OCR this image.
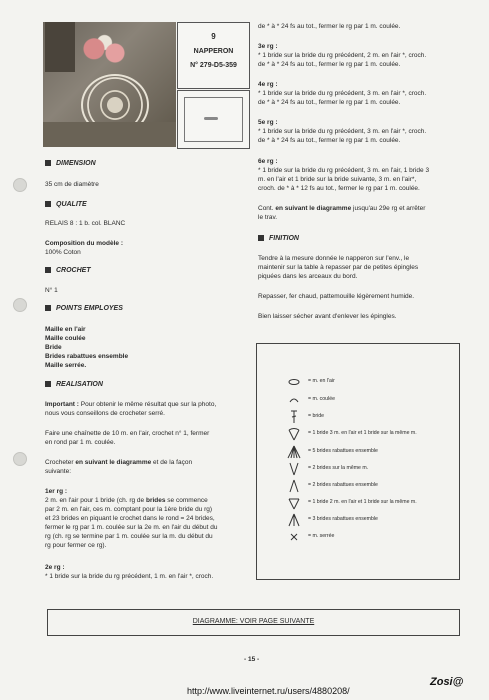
9
NAPPERON
N° 279-D5-359
DIMENSION
35 cm de diamètre
QUALITE
RELAIS 8 : 1 b. col. BLANC
Composition du modèle :
100% Coton
CROCHET
N° 1
POINTS EMPLOYES
Maille en l'air
Maille coulée
Bride
Brides rabattues ensemble
Maille serrée.
REALISATION
Important : Pour obtenir le même résultat que sur la photo,
nous vous conseillons de crocheter serré.
Faire une chaînette de 10 m. en l'air, crochet n° 1, fermer
en rond par 1 m. coulée.
Crocheter en suivant le diagramme et de la façon
suivante:
1er rg :
2 m. en l'air pour 1 bride (ch. rg de brides se commence
par 2 m. en l'air, ces m. comptant pour la 1ère bride du rg)
et 23 brides en piquant le crochet dans le rond = 24 brides,
fermer le rg par 1 m. coulée sur la 2e m. en l'air du début du
rg (ch. rg se termine par 1 m. coulée sur la m. du début du
rg pour fermer ce rg).
2e rg :
* 1 bride sur la bride du rg précédent, 1 m. en l'air *, croch.
de * à * 24 fs au tot., fermer le rg par 1 m. coulée.
3e rg :
* 1 bride sur la bride du rg précédent, 2 m. en l'air *, croch.
de * à * 24 fs au tot., fermer le rg par 1 m. coulée.
4e rg :
* 1 bride sur la bride du rg précédent, 3 m. en l'air *, croch.
de * à * 24 fs au tot., fermer le rg par 1 m. coulée.
5e rg :
* 1 bride sur la bride du rg précédent, 3 m. en l'air *, croch.
de * à * 24 fs au tot., fermer le rg par 1 m. coulée.
6e rg :
* 1 bride sur la bride du rg précédent, 3 m. en l'air, 1 bride 3
m. en l'air et 1 bride sur la bride suivante, 3 m. en l'air*,
croch. de * à * 12 fs au tot., fermer le rg par 1 m. coulée.
Cont. en suivant le diagramme jusqu'au 29e rg et arrêter
le trav.
FINITION
Tendre à la mesure donnée le napperon sur l'env., le
maintenir sur la table à repasser par de petites épingles
piquées dans les arceaux du bord.
Repasser, fer chaud, pattemouille légèrement humide.
Bien laisser sécher avant d'enlever les épingles.
= m. en l'air
= m. coulée
= bride
= 1 bride 3 m. en l'air et 1 bride sur la même m.
= 5 brides rabattues ensemble
= 2 brides sur la même m.
= 2 brides rabattues ensemble
= 1 bride 2 m. en l'air et 1 bride sur la même m.
= 3 brides rabattues ensemble
= m. serrée
DIAGRAMME: VOIR PAGE SUIVANTE
- 15 -
http://www.liveinternet.ru/users/4880208/
Zosi@
